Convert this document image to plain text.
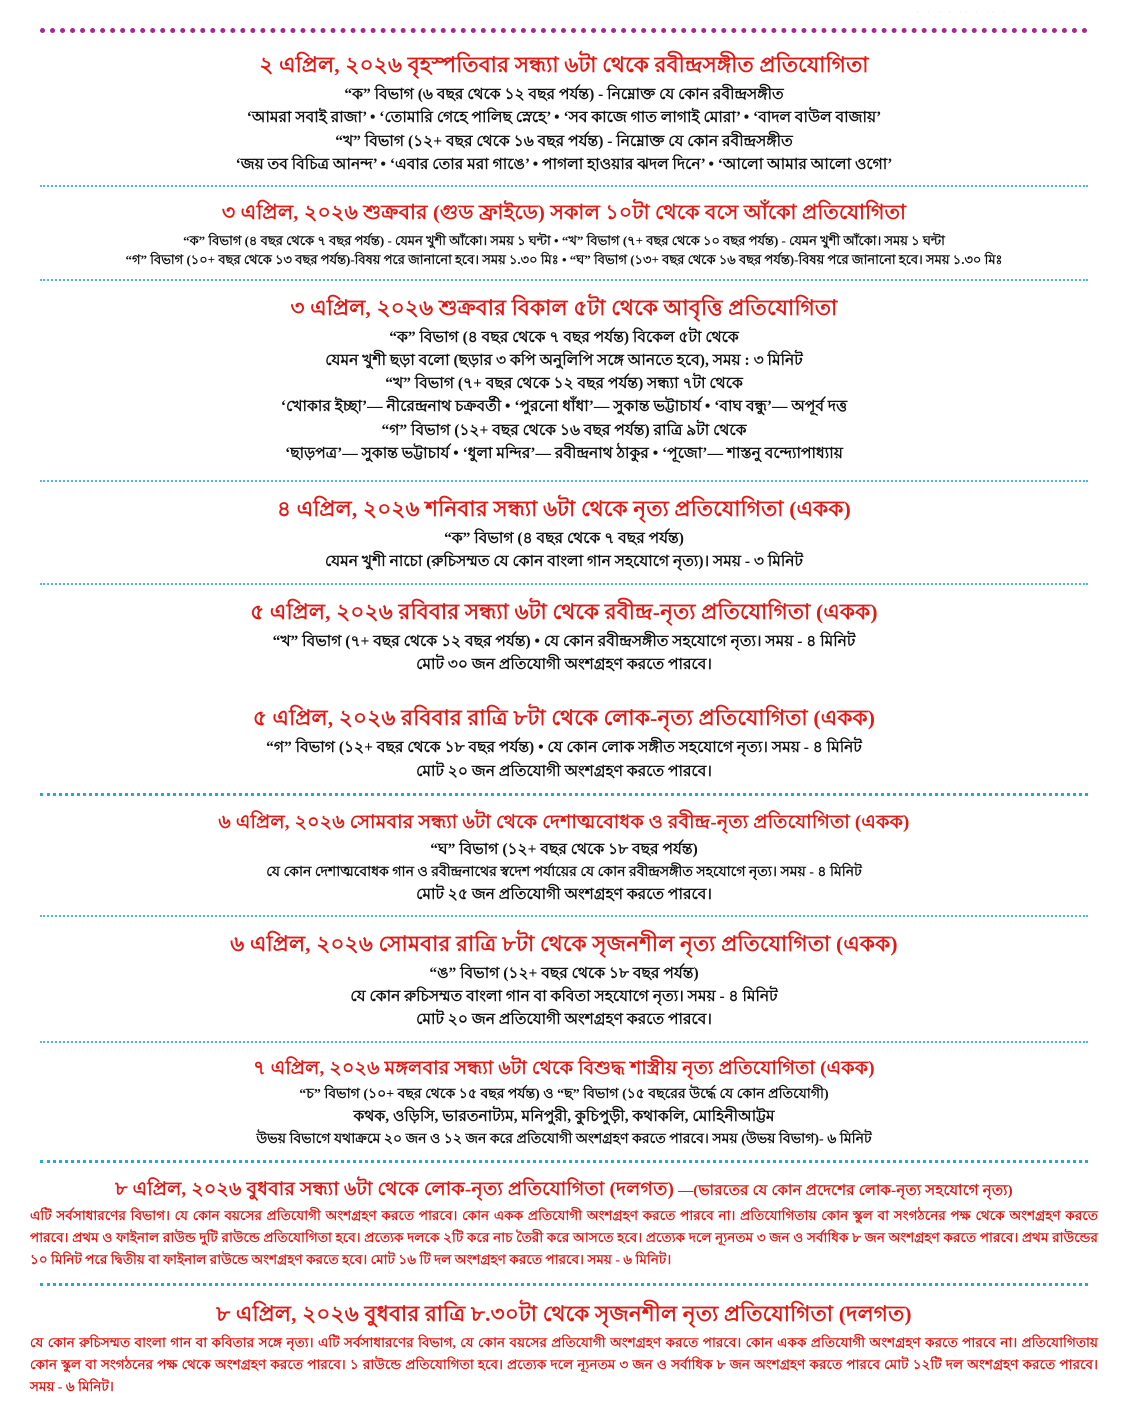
· · · · ·· · ·· ·
২ এপ্রিল, ২০২৬ বৃহস্পতিবার সন্ধ্যা ৬টা থেকে রবীন্দ্রসঙ্গীত প্রতিযোগিতা
“ক” বিভাগ (৬ বছর থেকে ১২ বছর পর্যন্ত) - নিম্নোক্ত যে কোন রবীন্দ্রসঙ্গীত
‘আমরা সবাই রাজা’ • ‘তোমারি গেহে পালিছ স্নেহে’ • ‘সব কাজে গাত লাগাই মোরা’ • ‘বাদল বাউল বাজায়’
“খ” বিভাগ (১২+ বছর থেকে ১৬ বছর পর্যন্ত) - নিম্নোক্ত যে কোন রবীন্দ্রসঙ্গীত
‘জয় তব বিচিত্র আনন্দ’ • ‘এবার তোর মরা গাঙে’ • পাগলা হাওয়ার ঝদল দিনে’ • ‘আলো আমার আলো ওগো’
৩ এপ্রিল, ২০২৬ শুক্রবার (গুড ফ্রাইডে) সকাল ১০টা থেকে বসে আঁকো প্রতিযোগিতা
“ক” বিভাগ (৪ বছর থেকে ৭ বছর পর্যন্ত) - যেমন খুশী আঁকো। সময় ১ ঘন্টা • “খ” বিভাগ (৭+ বছর থেকে ১০ বছর পর্যন্ত) - যেমন খুশী আঁকো। সময় ১ ঘন্টা
“গ” বিভাগ (১০+ বছর থেকে ১৩ বছর পর্যন্ত)-বিষয় পরে জানানো হবে। সময় ১.৩০ মিঃ • “ঘ” বিভাগ (১৩+ বছর থেকে ১৬ বছর পর্যন্ত)-বিষয় পরে জানানো হবে। সময় ১.৩০ মিঃ
৩ এপ্রিল, ২০২৬ শুক্রবার বিকাল ৫টা থেকে আবৃত্তি প্রতিযোগিতা
“ক” বিভাগ (৪ বছর থেকে ৭ বছর পর্যন্ত) বিকেল ৫টা থেকে
যেমন খুশী ছড়া বলো (ছড়ার ৩ কপি অনুলিপি সঙ্গে আনতে হবে), সময় : ৩ মিনিট
“খ” বিভাগ (৭+ বছর থেকে ১২ বছর পর্যন্ত) সন্ধ্যা ৭টা থেকে
‘খোকার ইচ্ছা’— নীরেন্দ্রনাথ চক্রবর্তী • ‘পুরনো ধাঁধা’— সুকান্ত ভট্টাচার্য • ‘বাঘ বন্ধু’— অপূর্ব দত্ত
“গ” বিভাগ (১২+ বছর থেকে ১৬ বছর পর্যন্ত) রাত্রি ৯টা থেকে
‘ছাড়পত্র’— সুকান্ত ভট্টাচার্য • ‘ধুলা মন্দির’— রবীন্দ্রনাথ ঠাকুর • ‘পূজো’— শাস্তনু বন্দ্যোপাধ্যায়
৪ এপ্রিল, ২০২৬ শনিবার সন্ধ্যা ৬টা থেকে নৃত্য প্রতিযোগিতা (একক)
“ক” বিভাগ (৪ বছর থেকে ৭ বছর পর্যন্ত)
যেমন খুশী নাচো (রুচিসম্মত যে কোন বাংলা গান সহযোগে নৃত্য)। সময় - ৩ মিনিট
৫ এপ্রিল, ২০২৬ রবিবার সন্ধ্যা ৬টা থেকে রবীন্দ্র-নৃত্য প্রতিযোগিতা (একক)
“খ” বিভাগ (৭+ বছর থেকে ১২ বছর পর্যন্ত) • যে কোন রবীন্দ্রসঙ্গীত সহযোগে নৃত্য। সময় - ৪ মিনিট
মোট ৩০ জন প্রতিযোগী অংশগ্রহণ করতে পারবে।
৫ এপ্রিল, ২০২৬ রবিবার রাত্রি ৮টা থেকে লোক-নৃত্য প্রতিযোগিতা (একক)
“গ” বিভাগ (১২+ বছর থেকে ১৮ বছর পর্যন্ত) • যে কোন লোক সঙ্গীত সহযোগে নৃত্য। সময় - ৪ মিনিট
মোট ২০ জন প্রতিযোগী অংশগ্রহণ করতে পারবে।
৬ এপ্রিল, ২০২৬ সোমবার সন্ধ্যা ৬টা থেকে দেশাত্মবোধক ও রবীন্দ্র-নৃত্য প্রতিযোগিতা (একক)
“ঘ” বিভাগ (১২+ বছর থেকে ১৮ বছর পর্যন্ত)
যে কোন দেশাত্মবোধক গান ও রবীন্দ্রনাথের স্বদেশ পর্যায়ের যে কোন রবীন্দ্রসঙ্গীত সহযোগে নৃত্য। সময় - ৪ মিনিট
মোট ২৫ জন প্রতিযোগী অংশগ্রহণ করতে পারবে।
৬ এপ্রিল, ২০২৬ সোমবার রাত্রি ৮টা থেকে সৃজনশীল নৃত্য প্রতিযোগিতা (একক)
“ঙ” বিভাগ (১২+ বছর থেকে ১৮ বছর পর্যন্ত)
যে কোন রুচিসম্মত বাংলা গান বা কবিতা সহযোগে নৃত্য। সময় - ৪ মিনিট
মোট ২০ জন প্রতিযোগী অংশগ্রহণ করতে পারবে।
৭ এপ্রিল, ২০২৬ মঙ্গলবার সন্ধ্যা ৬টা থেকে বিশুদ্ধ শাস্ত্রীয় নৃত্য প্রতিযোগিতা (একক)
“চ” বিভাগ (১০+ বছর থেকে ১৫ বছর পর্যন্ত) ও “ছ” বিভাগ (১৫ বছরের উর্দ্ধে যে কোন প্রতিযোগী)
কথক, ওড়িসি, ভারতনাট্যম, মনিপুরী, কুচিপুড়ী, কথাকলি, মোহিনীআট্টম
উভয় বিভাগে যথাক্রমে ২০ জন ও ১২ জন করে প্রতিযোগী অংশগ্রহণ করতে পারবে। সময় (উভয় বিভাগ)- ৬ মিনিট
৮ এপ্রিল, ২০২৬ বুধবার সন্ধ্যা ৬টা থেকে লোক-নৃত্য প্রতিযোগিতা (দলগত) —(ভারতের যে কোন প্রদেশের লোক-নৃত্য সহযোগে নৃত্য)
এটি সর্বসাধারণের বিভাগ। যে কোন বয়সের প্রতিযোগী অংশগ্রহণ করতে পারবে। কোন একক প্রতিযোগী অংশগ্রহণ করতে পারবে না। প্রতিযোগিতায় কোন স্কুল বা সংগঠনের পক্ষ থেকে অংশগ্রহণ করতে পারবে। প্রথম ও ফাইনাল রাউন্ড দুটি রাউন্ডে প্রতিযোগিতা হবে। প্রত্যেক দলকে ২টি করে নাচ তৈরী করে আসতে হবে। প্রত্যেক দলে ন্যূনতম ৩ জন ও সর্বাধিক ৮ জন অংশগ্রহণ করতে পারবে। প্রথম রাউন্ডের ১০ মিনিট পরে দ্বিতীয় বা ফাইনাল রাউন্ডে অংশগ্রহণ করতে হবে। মোট ১৬ টি দল অংশগ্রহণ করতে পারবে। সময় - ৬ মিনিট।
৮ এপ্রিল, ২০২৬ বুধবার রাত্রি ৮.৩০টা থেকে সৃজনশীল নৃত্য প্রতিযোগিতা (দলগত)
যে কোন রুচিসম্মত বাংলা গান বা কবিতার সঙ্গে নৃত্য। এটি সর্বসাধারণের বিভাগ, যে কোন বয়সের প্রতিযোগী অংশগ্রহণ করতে পারবে। কোন একক প্রতিযোগী অংশগ্রহণ করতে পারবে না। প্রতিযোগিতায় কোন স্কুল বা সংগঠনের পক্ষ থেকে অংশগ্রহণ করতে পারবে। ১ রাউন্ডে প্রতিযোগিতা হবে। প্রত্যেক দলে ন্যূনতম ৩ জন ও সর্বাধিক ৮ জন অংশগ্রহণ করতে পারবে মোট ১২টি দল অংশগ্রহণ করতে পারবে। সময় - ৬ মিনিট।
